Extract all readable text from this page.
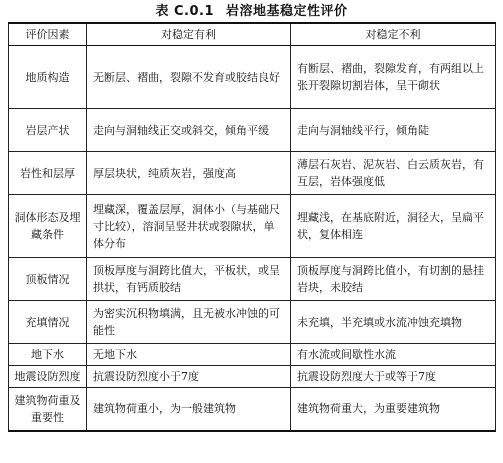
表 C.0.1 岩溶地基稳定性评价
评价因素	对稳定有利	对稳定不利
地质构造	无断层、褶曲，裂隙不发育或胶结良好	有断层、褶曲，裂隙发育，有两组以上张开裂隙切割岩体，呈干砌状
岩层产状	走向与洞轴线正交或斜交，倾角平缓	走向与洞轴线平行，倾角陡
岩性和层厚	厚层块状，纯质灰岩，强度高	薄层石灰岩、泥灰岩、白云质灰岩，有互层，岩体强度低
洞体形态及埋藏条件	埋藏深，覆盖层厚，洞体小（与基础尺寸比较），溶洞呈竖井状或裂隙状，单体分布	埋藏浅，在基底附近，洞径大，呈扁平状，复体相连
顶板情况	顶板厚度与洞跨比值大，平板状，或呈拱状，有钙质胶结	顶板厚度与洞跨比值小，有切割的悬挂岩块，未胶结
充填情况	为密实沉积物填满，且无被水冲蚀的可能性	未充填，半充填或水流冲蚀充填物
地下水	无地下水	有水流或间歇性水流
地震设防烈度	抗震设防烈度小于7度	抗震设防烈度大于或等于7度
建筑物荷重及重要性	建筑物荷重小，为一般建筑物	建筑物荷重大，为重要建筑物
